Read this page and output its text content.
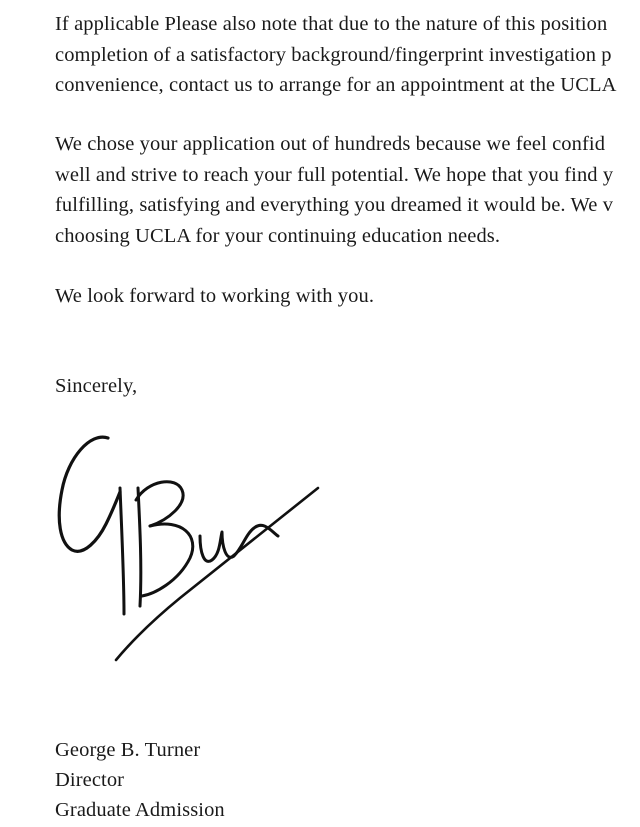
If applicable Please also note that due to the nature of this position
completion of a satisfactory background/fingerprint investigation p
convenience, contact us to arrange for an appointment at the UCLA
We chose your application out of hundreds because we feel confid
well and strive to reach your full potential. We hope that you find y
fulfilling, satisfying and everything you dreamed it would be. We v
choosing UCLA for your continuing education needs.
We look forward to working with you.
Sincerely,
George B. Turner
Director
Graduate Admission
